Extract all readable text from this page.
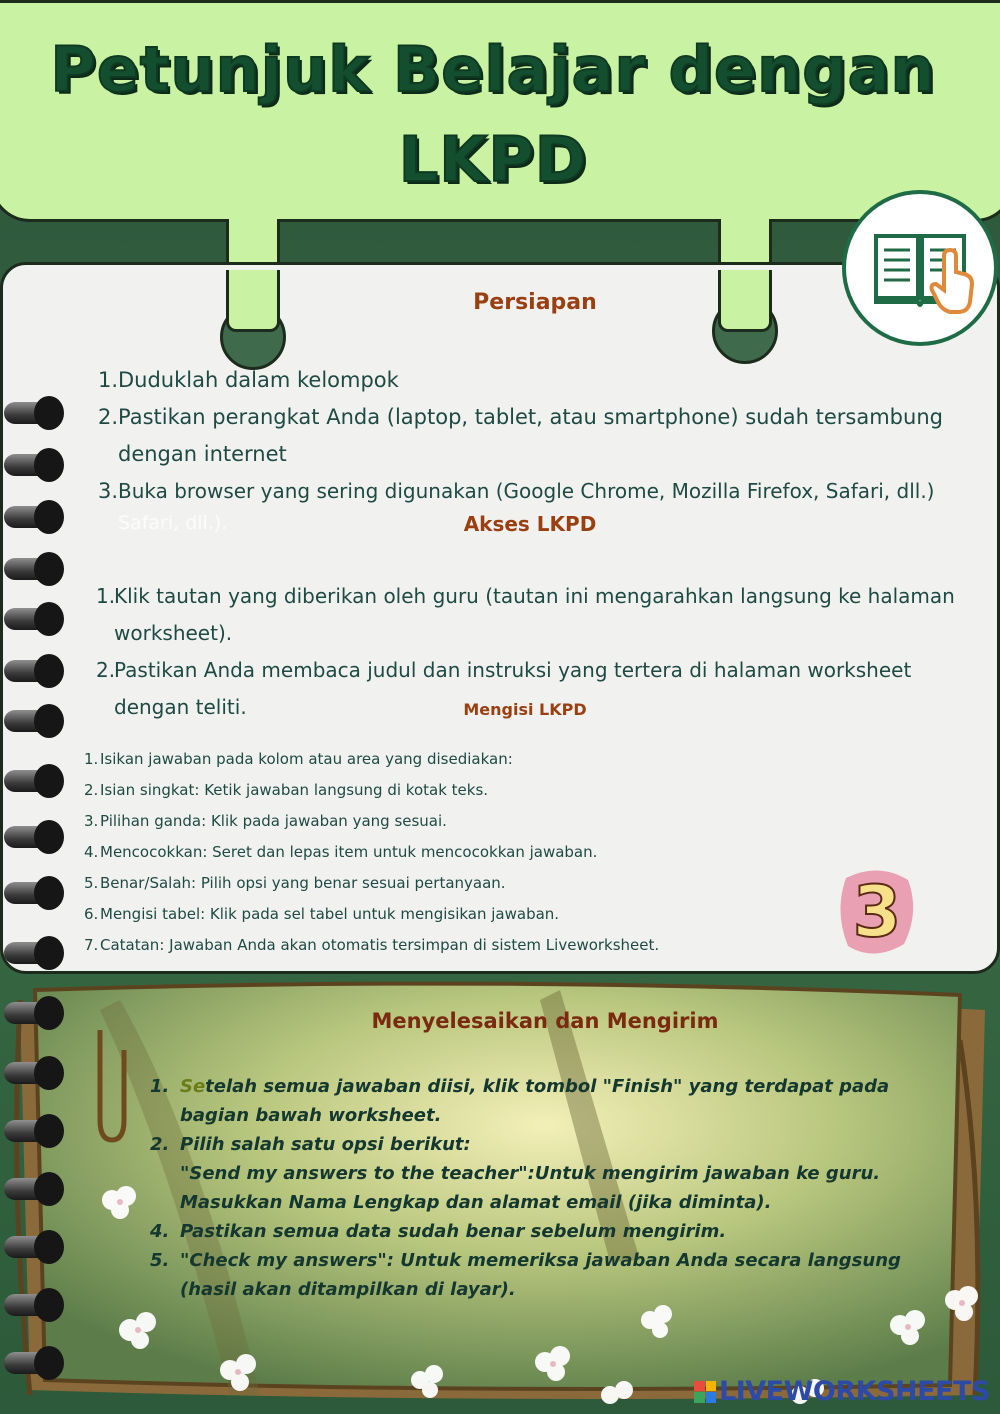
Petunjuk Belajar dengan
LKPD
Persiapan
1. Duduklah dalam kelompok
2. Pastikan perangkat Anda (laptop, tablet, atau smartphone) sudah tersambung dengan internet
3. Buka browser yang sering digunakan (Google Chrome, Mozilla Firefox, Safari, dll.)
Safari, dll.).	Akses LKPD
1.
Klik tautan yang diberikan oleh guru (tautan ini mengarahkan langsung ke halaman worksheet).
2.
Pastikan Anda membaca judul dan instruksi yang tertera di halaman worksheet dengan teliti.	Mengisi LKPD
1. Isikan jawaban pada kolom atau area yang disediakan:
2. Isian singkat: Ketik jawaban langsung di kotak teks.
3. Pilihan ganda: Klik pada jawaban yang sesuai.
4. Mencocokkan: Seret dan lepas item untuk mencocokkan jawaban.
5. Benar/Salah: Pilih opsi yang benar sesuai pertanyaan.
6. Mengisi tabel: Klik pada sel tabel untuk mengisikan jawaban.
7. Catatan: Jawaban Anda akan otomatis tersimpan di sistem Liveworksheet.	3
Menyelesaikan dan Mengirim
1. Setelah semua jawaban diisi, klik tombol "Finish" yang terdapat pada bagian bawah worksheet.
2. Pilih salah satu opsi berikut:
"Send my answers to the teacher":Untuk mengirim jawaban ke guru.
Masukkan Nama Lengkap dan alamat email (jika diminta).
4. Pastikan semua data sudah benar sebelum mengirim.
5. "Check my answers": Untuk memeriksa jawaban Anda secara langsung (hasil akan ditampilkan di layar).
LIVEWORKSHEETS
